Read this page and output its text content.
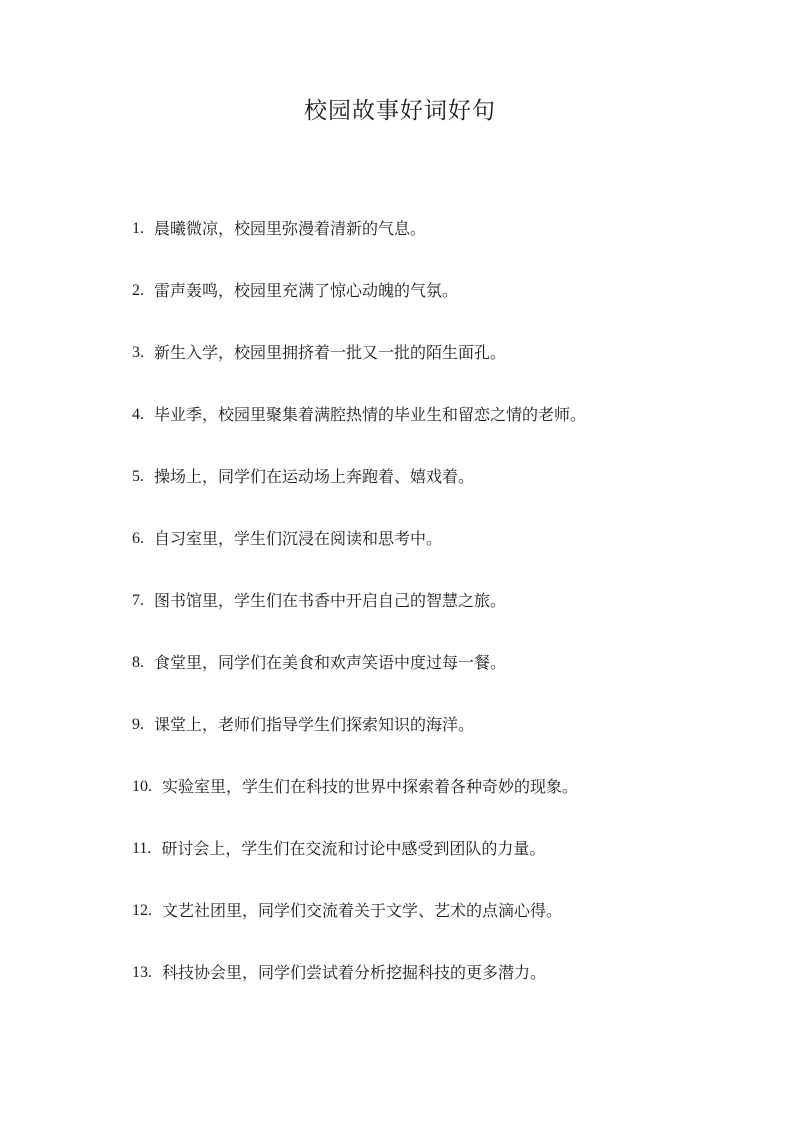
校园故事好词好句
1. 晨曦微凉，校园里弥漫着清新的气息。
2. 雷声轰鸣，校园里充满了惊心动魄的气氛。
3. 新生入学，校园里拥挤着一批又一批的陌生面孔。
4. 毕业季，校园里聚集着满腔热情的毕业生和留恋之情的老师。
5. 操场上，同学们在运动场上奔跑着、嬉戏着。
6. 自习室里，学生们沉浸在阅读和思考中。
7. 图书馆里，学生们在书香中开启自己的智慧之旅。
8. 食堂里，同学们在美食和欢声笑语中度过每一餐。
9. 课堂上，老师们指导学生们探索知识的海洋。
10. 实验室里，学生们在科技的世界中探索着各种奇妙的现象。
11. 研讨会上，学生们在交流和讨论中感受到团队的力量。
12. 文艺社团里，同学们交流着关于文学、艺术的点滴心得。
13. 科技协会里，同学们尝试着分析挖掘科技的更多潜力。
